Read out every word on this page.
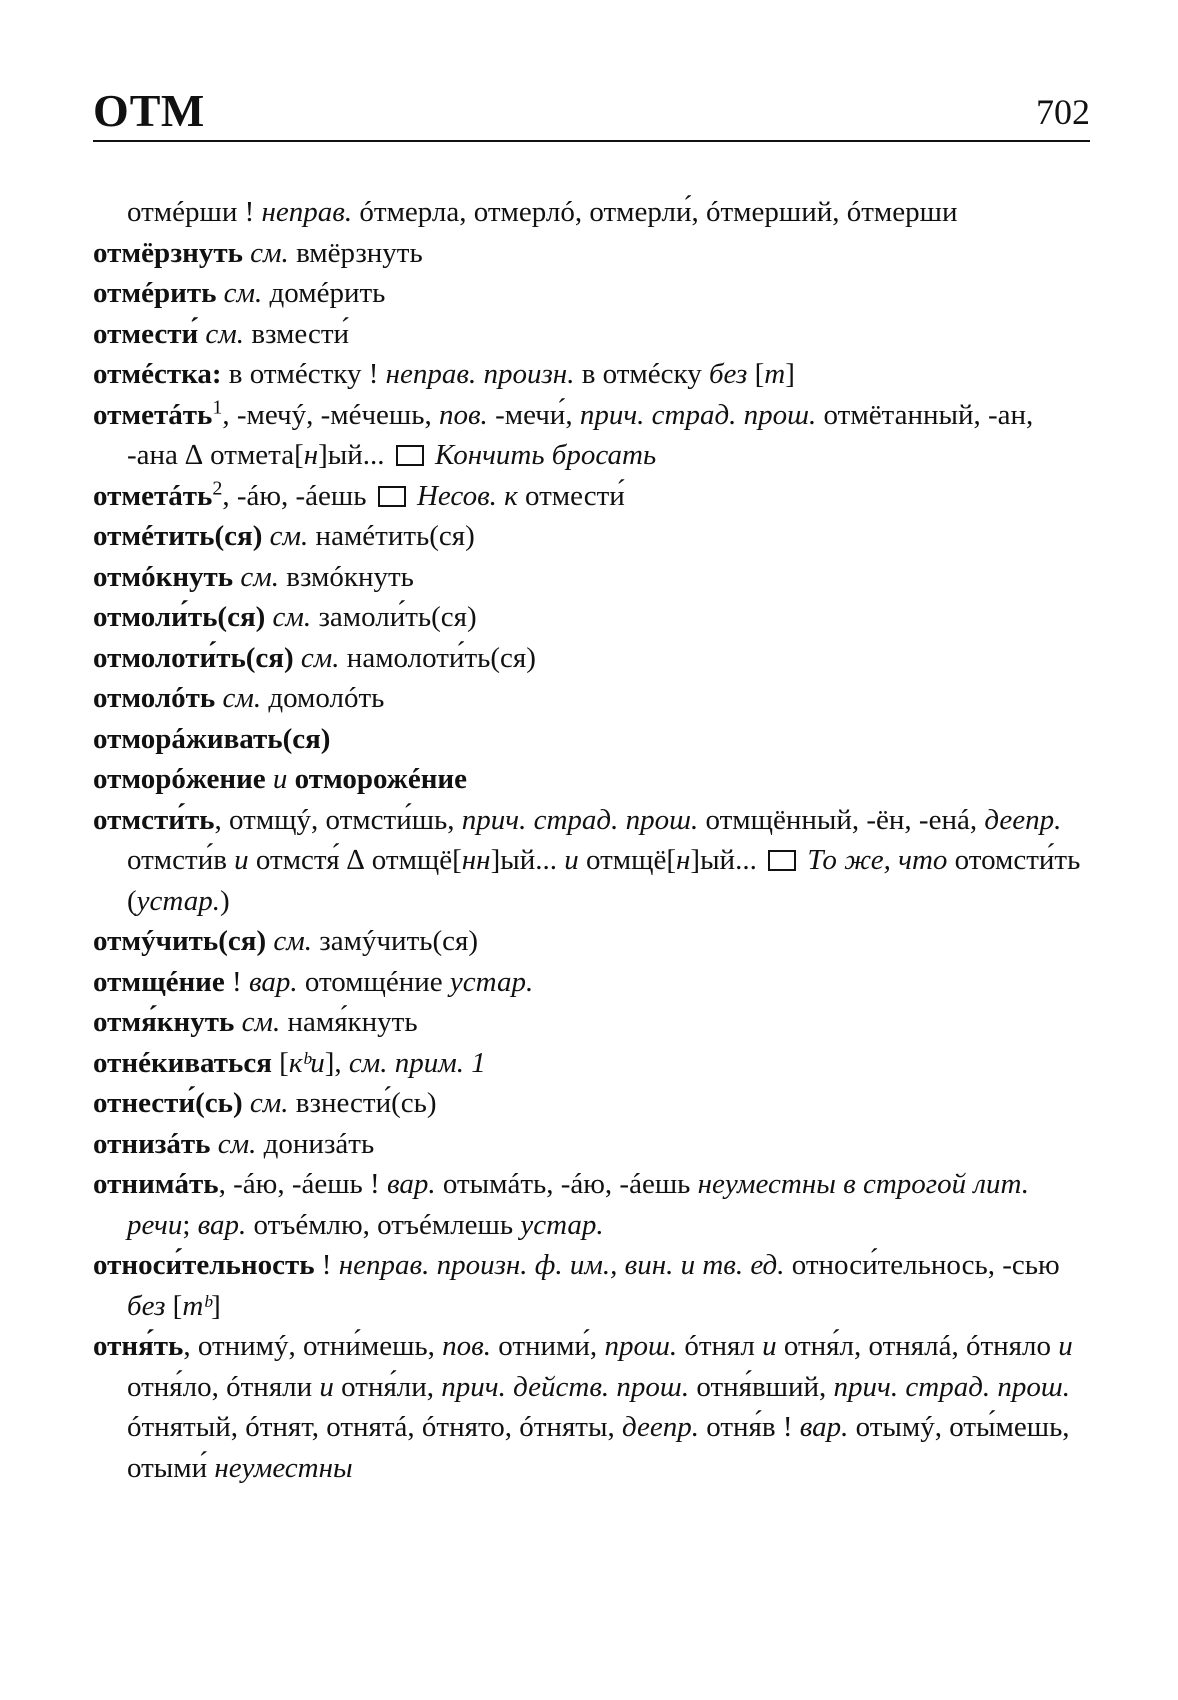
ОТМ	702

отмéрши ! неправ. óтмерла, отмерлó, отмерли́, óтмерший, óтмерши

отмёрзнуть см. вмёрзнуть

отмéрить см. домéрить

отмести́ см. взмести́

отмéстка: в отмéстку ! неправ. произн. в отмéску без [т]

отметáть$^1$, -мечý, -мéчешь, пов. -мечи́, прич. страд. прош. отмётанный, -ан, -ана ∆ отмета[н]ый...  Кончить бросать

отметáть$^2$, -áю, -áешь  Несов. к отмести́

отмéтить(ся) см. намéтить(ся)

отмóкнуть см. взмóкнуть

отмоли́ть(ся) см. замоли́ть(ся)

отмолоти́ть(ся) см. намолоти́ть(ся)

отмолóть см. домолóть

отморáживать(ся)

отморóжение и отморожéние

отмсти́ть, отмщý, отмсти́шь, прич. страд. прош. отмщённый, -ён, -енá, деепр. отмсти́в и отмстя́ ∆ отмщё[нн]ый... и отмщё[н]ый...  То же, что отомсти́ть (устар.)

отмýчить(ся) см. замýчить(ся)

отмщéние ! вар. отомщéние устар.

отмя́кнуть см. намя́кнуть

отнéкиваться [кᵇи], см. прим. 1

отнести́(сь) см. взнести́(сь)

отнизáть см. донизáть

отнимáть, -áю, -áешь ! вар. отымáть, -áю, -áешь неуместны в строгой лит. речи; вар. отъéмлю, отъéмлешь устар.

относи́тельность ! неправ. произн. ф. им., вин. и тв. ед. относи́тельнось, -сью без [тᵇ]

отня́ть, отнимý, отни́мешь, пов. отними́, прош. óтнял и отня́л, отнялá, óтняло и отня́ло, óтняли и отня́ли, прич. действ. прош. отня́вший, прич. страд. прош. óтнятый, óтнят, отнятá, óтнято, óтняты, деепр. отня́в ! вар. отымý, оты́мешь, отыми́ неуместны
